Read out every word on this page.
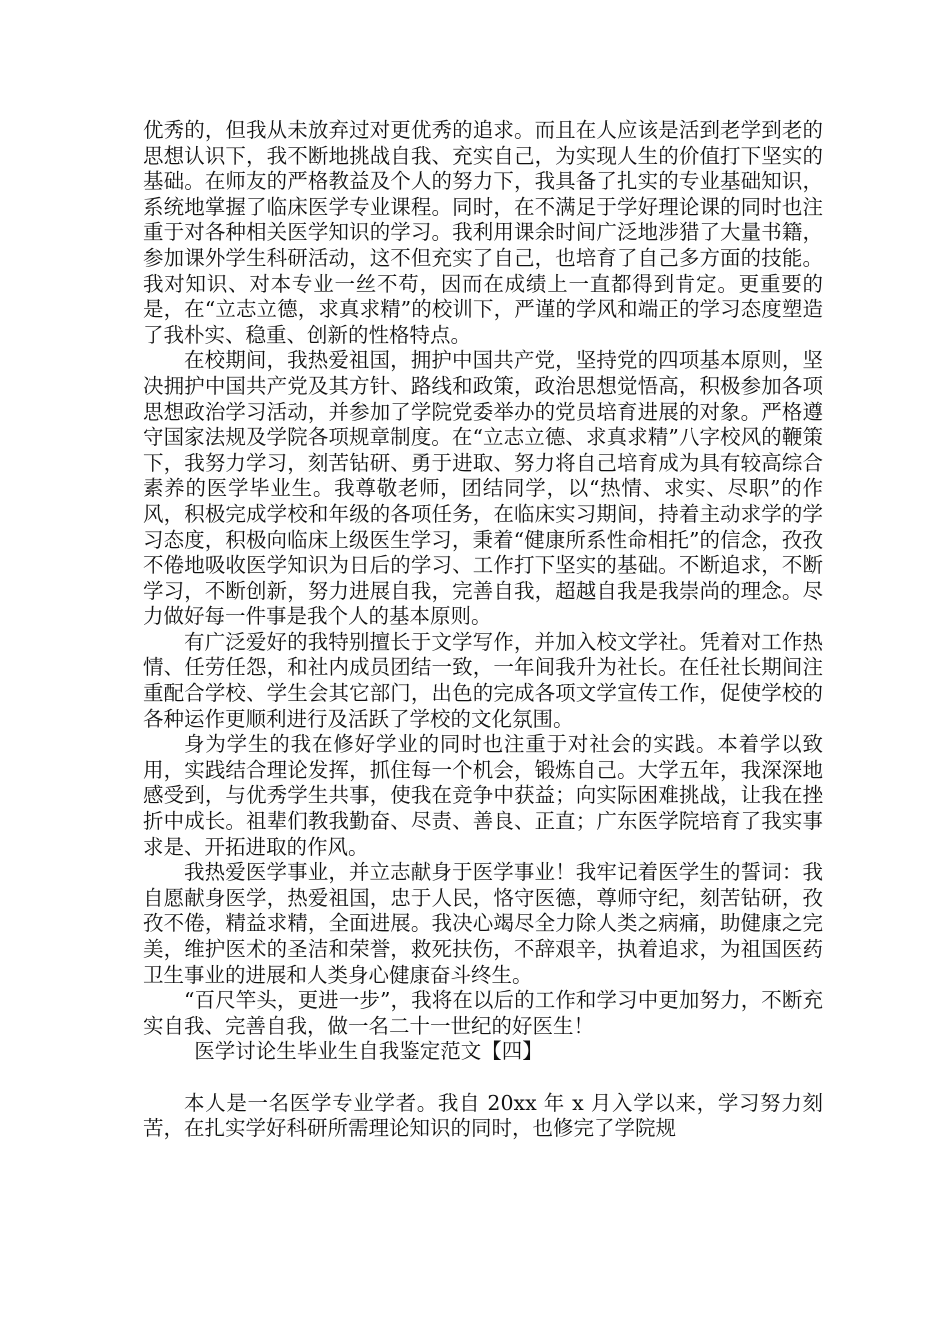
优秀的，但我从未放弃过对更优秀的追求。而且在人应该是活到老学到老的思想认识下，我不断地挑战自我、充实自己，为实现人生的价值打下坚实的基础。在师友的严格教益及个人的努力下，我具备了扎实的专业基础知识，系统地掌握了临床医学专业课程。同时，在不满足于学好理论课的同时也注重于对各种相关医学知识的学习。我利用课余时间广泛地涉猎了大量书籍，参加课外学生科研活动，这不但充实了自己，也培育了自己多方面的技能。我对知识、对本专业一丝不苟，因而在成绩上一直都得到肯定。更重要的是，在“立志立德，求真求精”的校训下，严谨的学风和端正的学习态度塑造了我朴实、稳重、创新的性格特点。

在校期间，我热爱祖国，拥护中国共产党，坚持党的四项基本原则，坚决拥护中国共产党及其方针、路线和政策，政治思想觉悟高，积极参加各项思想政治学习活动，并参加了学院党委举办的党员培育进展的对象。严格遵守国家法规及学院各项规章制度。在“立志立德、求真求精”八字校风的鞭策下，我努力学习，刻苦钻研、勇于进取、努力将自己培育成为具有较高综合素养的医学毕业生。我尊敬老师，团结同学，以“热情、求实、尽职”的作风，积极完成学校和年级的各项任务，在临床实习期间，持着主动求学的学习态度，积极向临床上级医生学习，秉着“健康所系性命相托”的信念，孜孜不倦地吸收医学知识为日后的学习、工作打下坚实的基础。不断追求，不断学习，不断创新，努力进展自我，完善自我，超越自我是我崇尚的理念。尽力做好每一件事是我个人的基本原则。

有广泛爱好的我特别擅长于文学写作，并加入校文学社。凭着对工作热情、任劳任怨，和社内成员团结一致，一年间我升为社长。在任社长期间注重配合学校、学生会其它部门，出色的完成各项文学宣传工作，促使学校的各种运作更顺利进行及活跃了学校的文化氛围。

身为学生的我在修好学业的同时也注重于对社会的实践。本着学以致用，实践结合理论发挥，抓住每一个机会，锻炼自己。大学五年，我深深地感受到，与优秀学生共事，使我在竞争中获益；向实际困难挑战，让我在挫折中成长。祖辈们教我勤奋、尽责、善良、正直；广东医学院培育了我实事求是、开拓进取的作风。

我热爱医学事业，并立志献身于医学事业！我牢记着医学生的誓词：我自愿献身医学，热爱祖国，忠于人民，恪守医德，尊师守纪，刻苦钻研，孜孜不倦，精益求精，全面进展。我决心竭尽全力除人类之病痛，助健康之完美，维护医术的圣洁和荣誉，救死扶伤，不辞艰辛，执着追求，为祖国医药卫生事业的进展和人类身心健康奋斗终生。

“百尺竿头，更进一步”，我将在以后的工作和学习中更加努力，不断充实自我、完善自我，做一名二十一世纪的好医生！

医学讨论生毕业生自我鉴定范文【四】

本人是一名医学专业学者。我自 20xx 年 x 月入学以来，学习努力刻苦，在扎实学好科研所需理论知识的同时，也修完了学院规
